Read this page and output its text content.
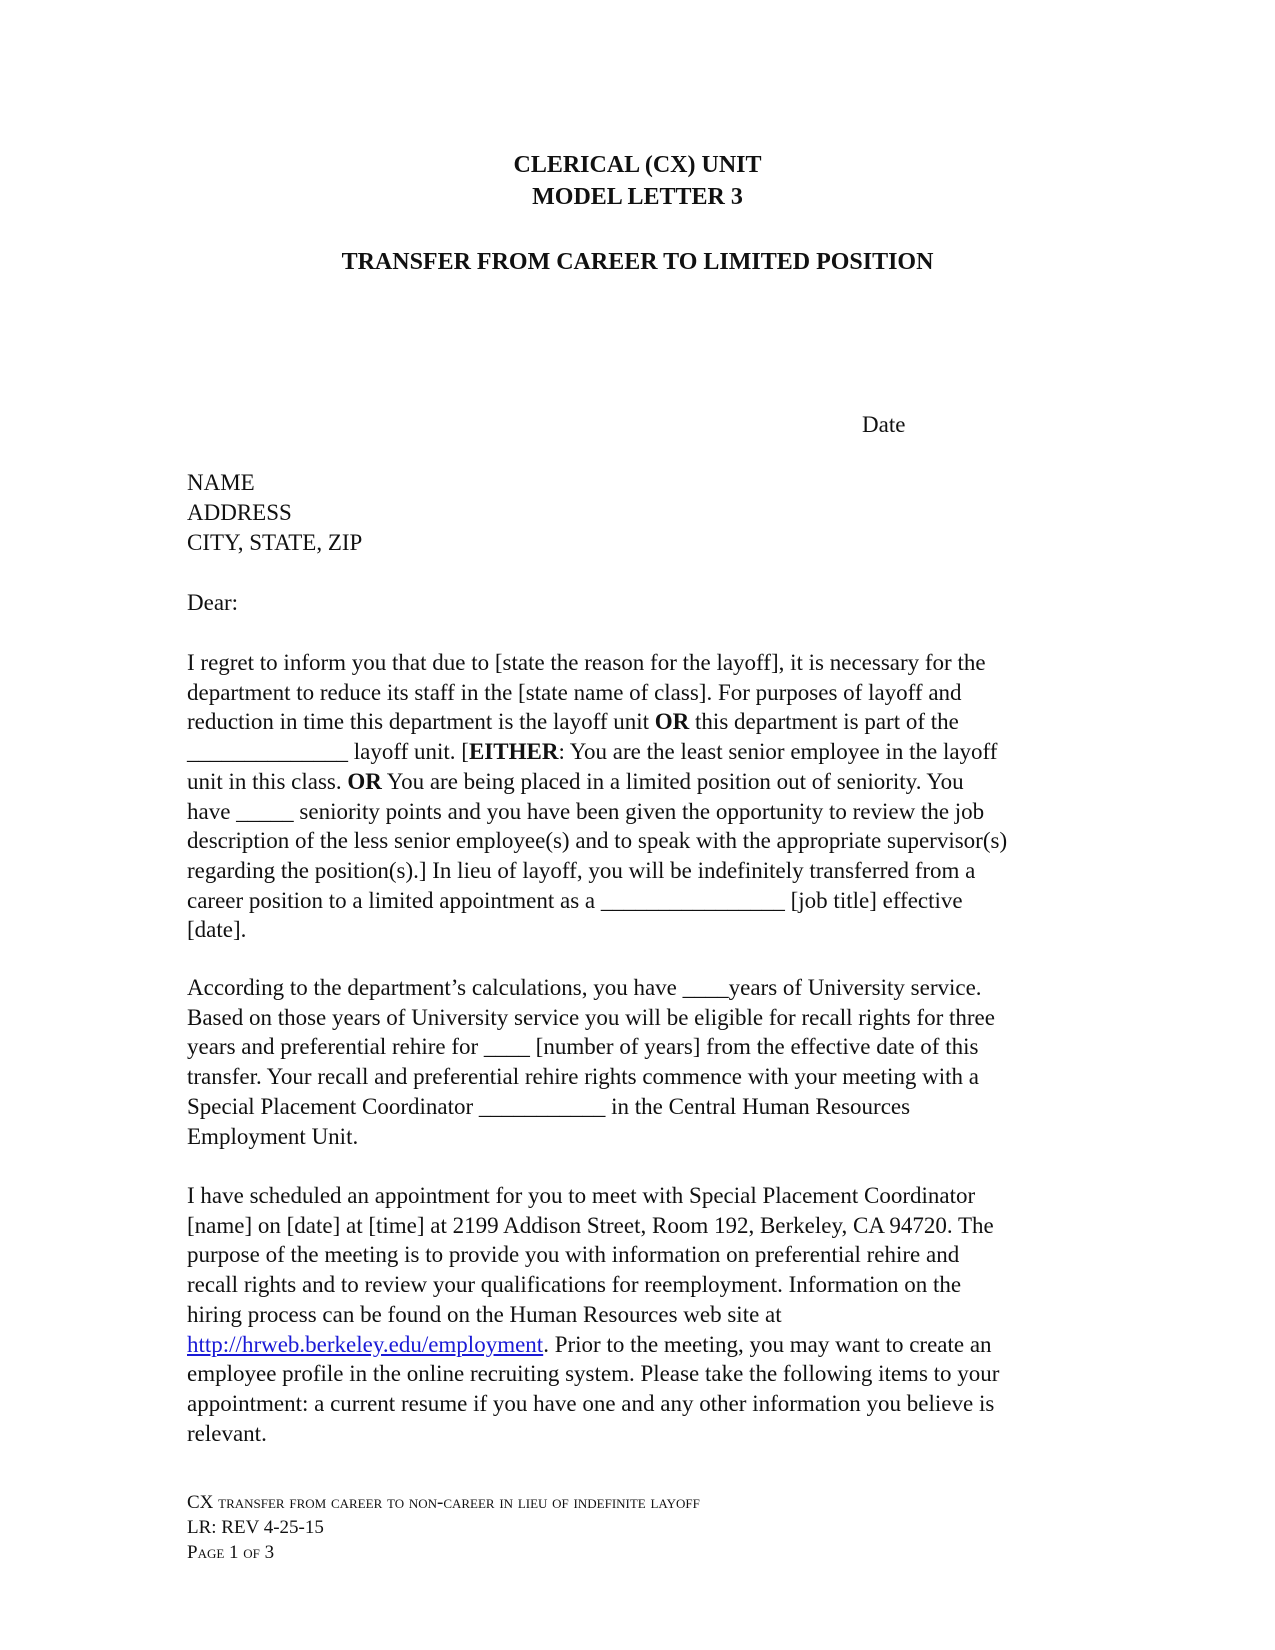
CLERICAL (CX) UNIT
MODEL LETTER 3
TRANSFER FROM CAREER TO LIMITED POSITION
Date
NAME
ADDRESS
CITY, STATE, ZIP
Dear:
I regret to inform you that due to [state the reason for the layoff], it is necessary for the
department to reduce its staff in the [state name of class]. For purposes of layoff and
reduction in time this department is the layoff unit OR this department is part of the
______________ layoff unit. [EITHER: You are the least senior employee in the layoff
unit in this class. OR You are being placed in a limited position out of seniority. You
have _____ seniority points and you have been given the opportunity to review the job
description of the less senior employee(s) and to speak with the appropriate supervisor(s)
regarding the position(s).] In lieu of layoff, you will be indefinitely transferred from a
career position to a limited appointment as a ________________ [job title] effective
[date].
According to the department’s calculations, you have ____years of University service.
Based on those years of University service you will be eligible for recall rights for three
years and preferential rehire for ____ [number of years] from the effective date of this
transfer. Your recall and preferential rehire rights commence with your meeting with a
Special Placement Coordinator ___________ in the Central Human Resources
Employment Unit.
I have scheduled an appointment for you to meet with Special Placement Coordinator
[name] on [date] at [time] at 2199 Addison Street, Room 192, Berkeley, CA 94720. The
purpose of the meeting is to provide you with information on preferential rehire and
recall rights and to review your qualifications for reemployment. Information on the
hiring process can be found on the Human Resources web site at
http://hrweb.berkeley.edu/employment. Prior to the meeting, you may want to create an
employee profile in the online recruiting system. Please take the following items to your
appointment: a current resume if you have one and any other information you believe is
relevant.
CX transfer from career to non-career in lieu of indefinite layoff
LR: REV 4-25-15
Page 1 of 3
